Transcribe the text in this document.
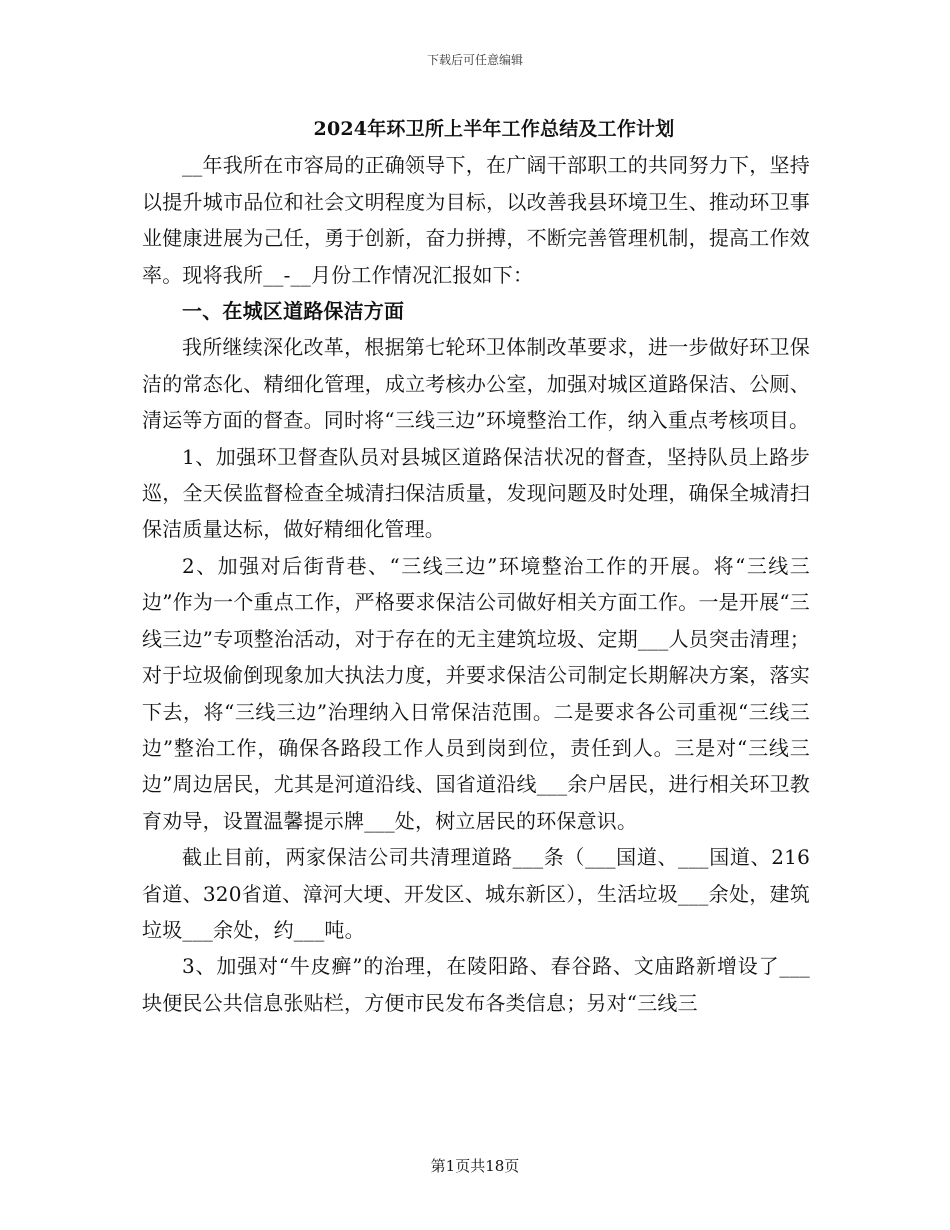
下载后可任意编辑

2024年环卫所上半年工作总结及工作计划

__年我所在市容局的正确领导下，在广阔干部职工的共同努力下，坚持以提升城市品位和社会文明程度为目标，以改善我县环境卫生、推动环卫事业健康进展为己任，勇于创新，奋力拼搏，不断完善管理机制，提高工作效率。现将我所__-__月份工作情况汇报如下：

一、在城区道路保洁方面

我所继续深化改革，根据第七轮环卫体制改革要求，进一步做好环卫保洁的常态化、精细化管理，成立考核办公室，加强对城区道路保洁、公厕、清运等方面的督查。同时将“三线三边”环境整治工作，纳入重点考核项目。

1、加强环卫督查队员对县城区道路保洁状况的督查，坚持队员上路步巡，全天侯监督检查全城清扫保洁质量，发现问题及时处理，确保全城清扫保洁质量达标，做好精细化管理。

2、加强对后街背巷、“三线三边”环境整治工作的开展。将“三线三边”作为一个重点工作，严格要求保洁公司做好相关方面工作。一是开展“三线三边”专项整治活动，对于存在的无主建筑垃圾、定期___人员突击清理；对于垃圾偷倒现象加大执法力度，并要求保洁公司制定长期解决方案，落实下去，将“三线三边”治理纳入日常保洁范围。二是要求各公司重视“三线三边”整治工作，确保各路段工作人员到岗到位，责任到人。三是对“三线三边”周边居民，尤其是河道沿线、国省道沿线___余户居民，进行相关环卫教育劝导，设置温馨提示牌___处，树立居民的环保意识。

截止目前，两家保洁公司共清理道路___条（___国道、___国道、216省道、320省道、漳河大埂、开发区、城东新区），生活垃圾___余处，建筑垃圾___余处，约___吨。

3、加强对“牛皮癣”的治理，在陵阳路、春谷路、文庙路新增设了___块便民公共信息张贴栏，方便市民发布各类信息；另对“三线三

第1页共18页
